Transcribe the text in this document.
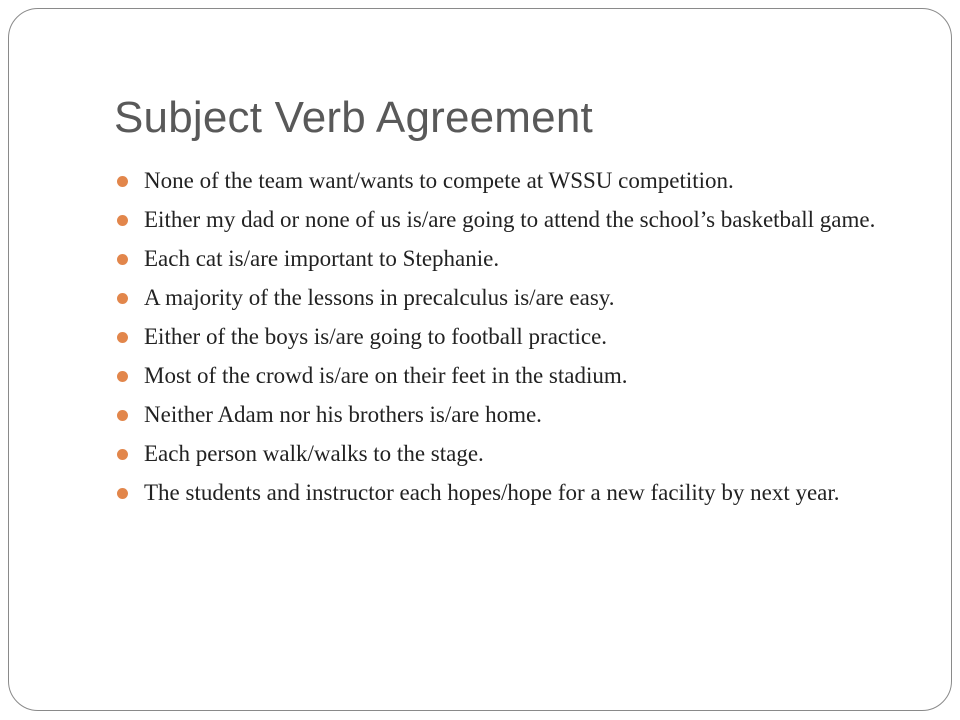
Subject Verb Agreement
None of the team want/wants to compete at WSSU competition.
Either my dad or none of us is/are going to attend the school’s basketball game.
Each cat is/are important to Stephanie.
A majority of the lessons in precalculus is/are easy.
Either of the boys is/are going to football practice.
Most of the crowd is/are on their feet in the stadium.
Neither Adam nor his brothers is/are home.
Each person walk/walks to the stage.
The students and instructor each hopes/hope for a new facility by next year.
